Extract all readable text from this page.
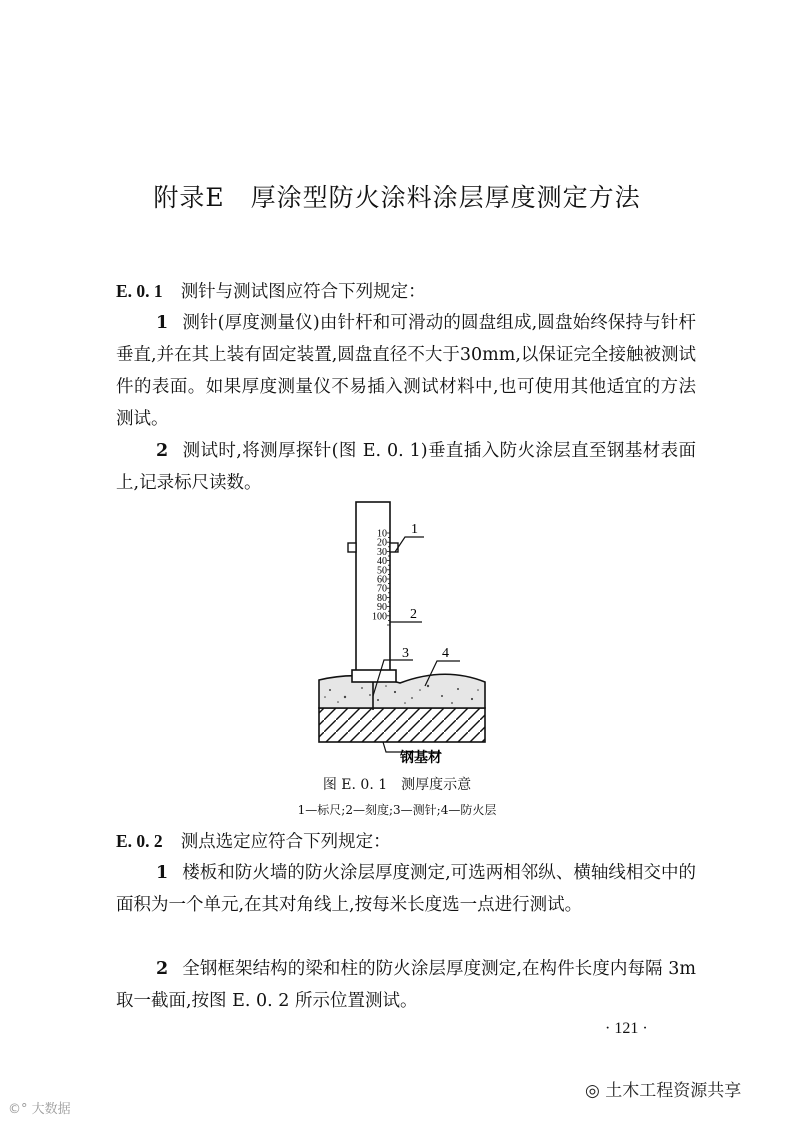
附录E 厚涂型防火涂料涂层厚度测定方法
E. 0. 1 测针与测试图应符合下列规定：
1 测针(厚度测量仪)由针杆和可滑动的圆盘组成,圆盘始终保持与针杆垂直,并在其上装有固定装置,圆盘直径不大于30mm,以保证完全接触被测试件的表面。如果厚度测量仪不易插入测试材料中,也可使用其他适宜的方法测试。
2 测试时,将测厚探针(图 E. 0. 1)垂直插入防火涂层直至钢基材表面上,记录标尺读数。
10
20
30
40
50
60
70
80
90
100
1
2
3 4
钢基材
图 E. 0. 1　测厚度示意
1—标尺;2—刻度;3—测针;4—防火层
E. 0. 2 测点选定应符合下列规定：
1 楼板和防火墙的防火涂层厚度测定,可选两相邻纵、横轴线相交中的面积为一个单元,在其对角线上,按每米长度选一点进行测试。
2 全钢框架结构的梁和柱的防火涂层厚度测定,在构件长度内每隔 3m 取一截面,按图 E. 0. 2 所示位置测试。
· 121 ·
◎ 土木工程资源共享
©° 大数据
